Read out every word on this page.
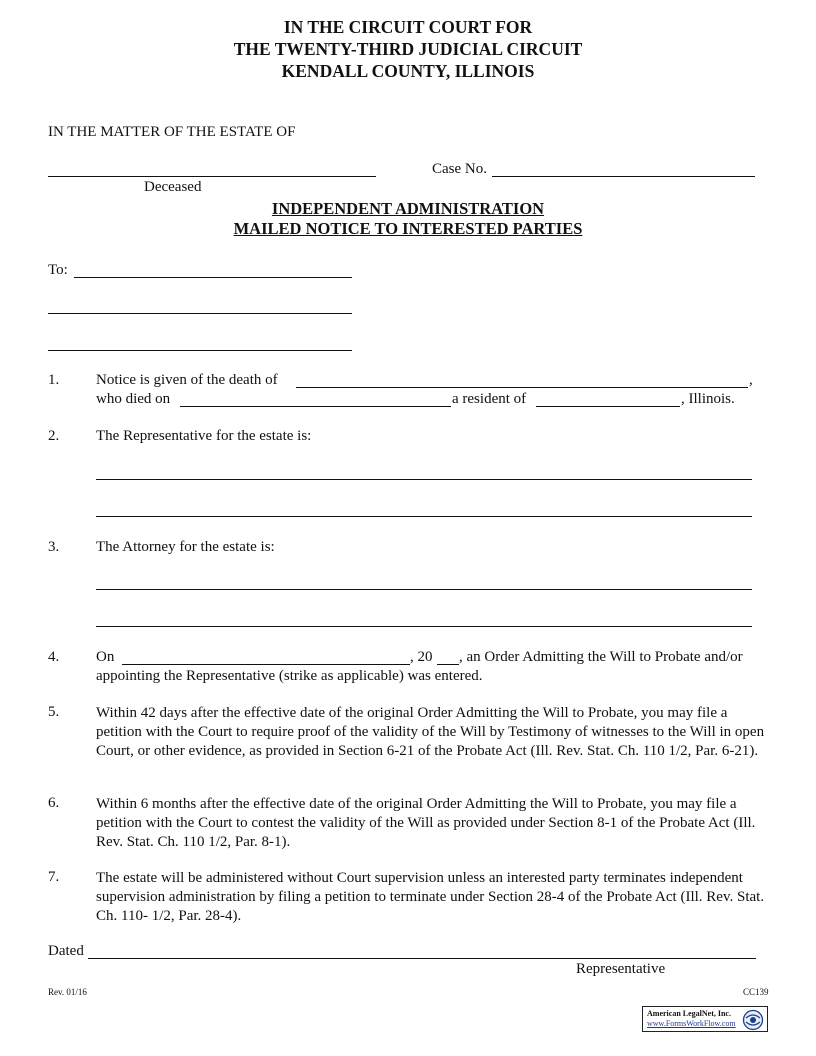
IN THE CIRCUIT COURT FOR
THE TWENTY-THIRD JUDICIAL CIRCUIT
KENDALL COUNTY, ILLINOIS
IN THE MATTER OF THE ESTATE OF
Case No.
Deceased
INDEPENDENT ADMINISTRATION
MAILED NOTICE TO INTERESTED PARTIES
To:
1. Notice is given of the death of	,
who died on	a resident of	, Illinois.
2. The Representative for the estate is:
3. The Attorney for the estate is:
4. On	, 20 , an Order Admitting the Will to Probate and/or
appointing the Representative (strike as applicable) was entered.
5. Within 42 days after the effective date of the original Order Admitting the Will to Probate, you may file a petition with the Court to require proof of the validity of the Will by Testimony of witnesses to the Will in open Court, or other evidence, as provided in Section 6-21 of the Probate Act (Ill. Rev. Stat. Ch. 110 1/2, Par. 6-21).
6. Within 6 months after the effective date of the original Order Admitting the Will to Probate, you may file a petition with the Court to contest the validity of the Will as provided under Section 8-1 of the Probate Act (Ill. Rev. Stat. Ch. 110 1/2, Par. 8-1).
7. The estate will be administered without Court supervision unless an interested party terminates independent supervision administration by filing a petition to terminate under Section 28-4 of the Probate Act (Ill. Rev. Stat. Ch. 110- 1/2, Par. 28-4).
Dated
Representative
Rev. 01/16	CC139
American LegalNet, Inc.
www.FormsWorkFlow.com
